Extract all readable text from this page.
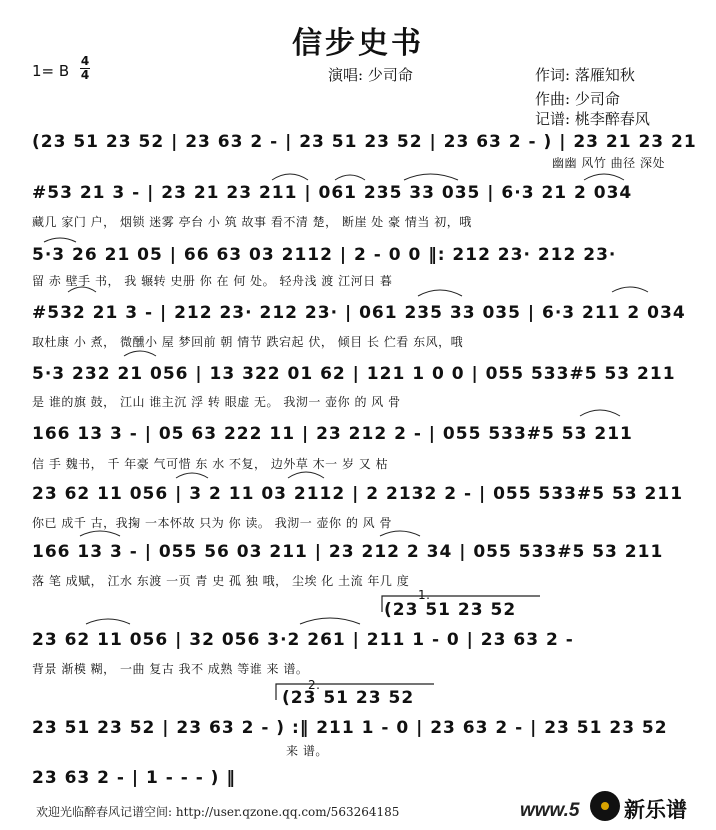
信步史书
1= B
4
4	演唱: 少司命	作词: 落雁知秋
作曲: 少司命
记谱: 桃李醉春风
(23 51 23 52 | 23 63 2 - | 23 51 23 52 | 23 63 2 - ) | 23 21 23 21
幽幽 风竹 曲径 深处
#53 21 3 - | 23 21 23 211 | 061 235 33 035 | 6·3 21 2 034
藏几 家门 户， 烟锁 迷雾 亭台 小 筑 故事 看不清 楚， 断崖 处 豪 情当 初，哦
5·3 26 21 05 | 66 63 03 2112 | 2 - 0 0 ‖: 212 23· 212 23·
留 赤 壁手 书， 我 辗转 史册 你 在 何 处。 轻舟浅 渡 江河日 暮
#532 21 3 - | 212 23· 212 23· | 061 235 33 035 | 6·3 211 2 034
取杜康 小 煮， 微醺小 屋 梦回前 朝 情节 跌宕起 伏， 倾目 长 伫看 东风，哦
5·3 232 21 056 | 13 322 01 62 | 121 1 0 0 | 055 533#5 53 211
是 谁的旗 鼓， 江山 谁主沉 浮 转 眼虚 无。 我沏一 壶你 的 风 骨
166 13 3 - | 05 63 222 11 | 23 212 2 - | 055 533#5 53 211
信 手 魏书， 千 年豪 气可惜 东 水 不复， 边外草 木一 岁 又 枯
23 62 11 056 | 3 2 11 03 2112 | 2 2132 2 - | 055 533#5 53 211
你已 成千 古，我掬 一本怀故 只为 你 读。 我沏一 壶你 的 风 骨
166 13 3 - | 055 56 03 211 | 23 212 2 34 | 055 533#5 53 211
落 笔 成赋， 江水 东渡 一页 青 史 孤 独 哦， 尘埃 化 土流 年几 度
(23 51 23 52
1.
23 62 11 056 | 32 056 3·2 261 | 211 1 - 0 | 23 63 2 -
背景 渐模 糊， 一曲 复古 我不 成熟 等谁 来 谱。
(23 51 23 52
2.
23 51 23 52 | 23 63 2 - ) :‖ 211 1 - 0 | 23 63 2 - | 23 51 23 52
来 谱。
23 63 2 - | 1 - - - ) ‖
欢迎光临醉春风记谱空间: http://user.qzone.qq.com/563264185	www.5 新乐谱
